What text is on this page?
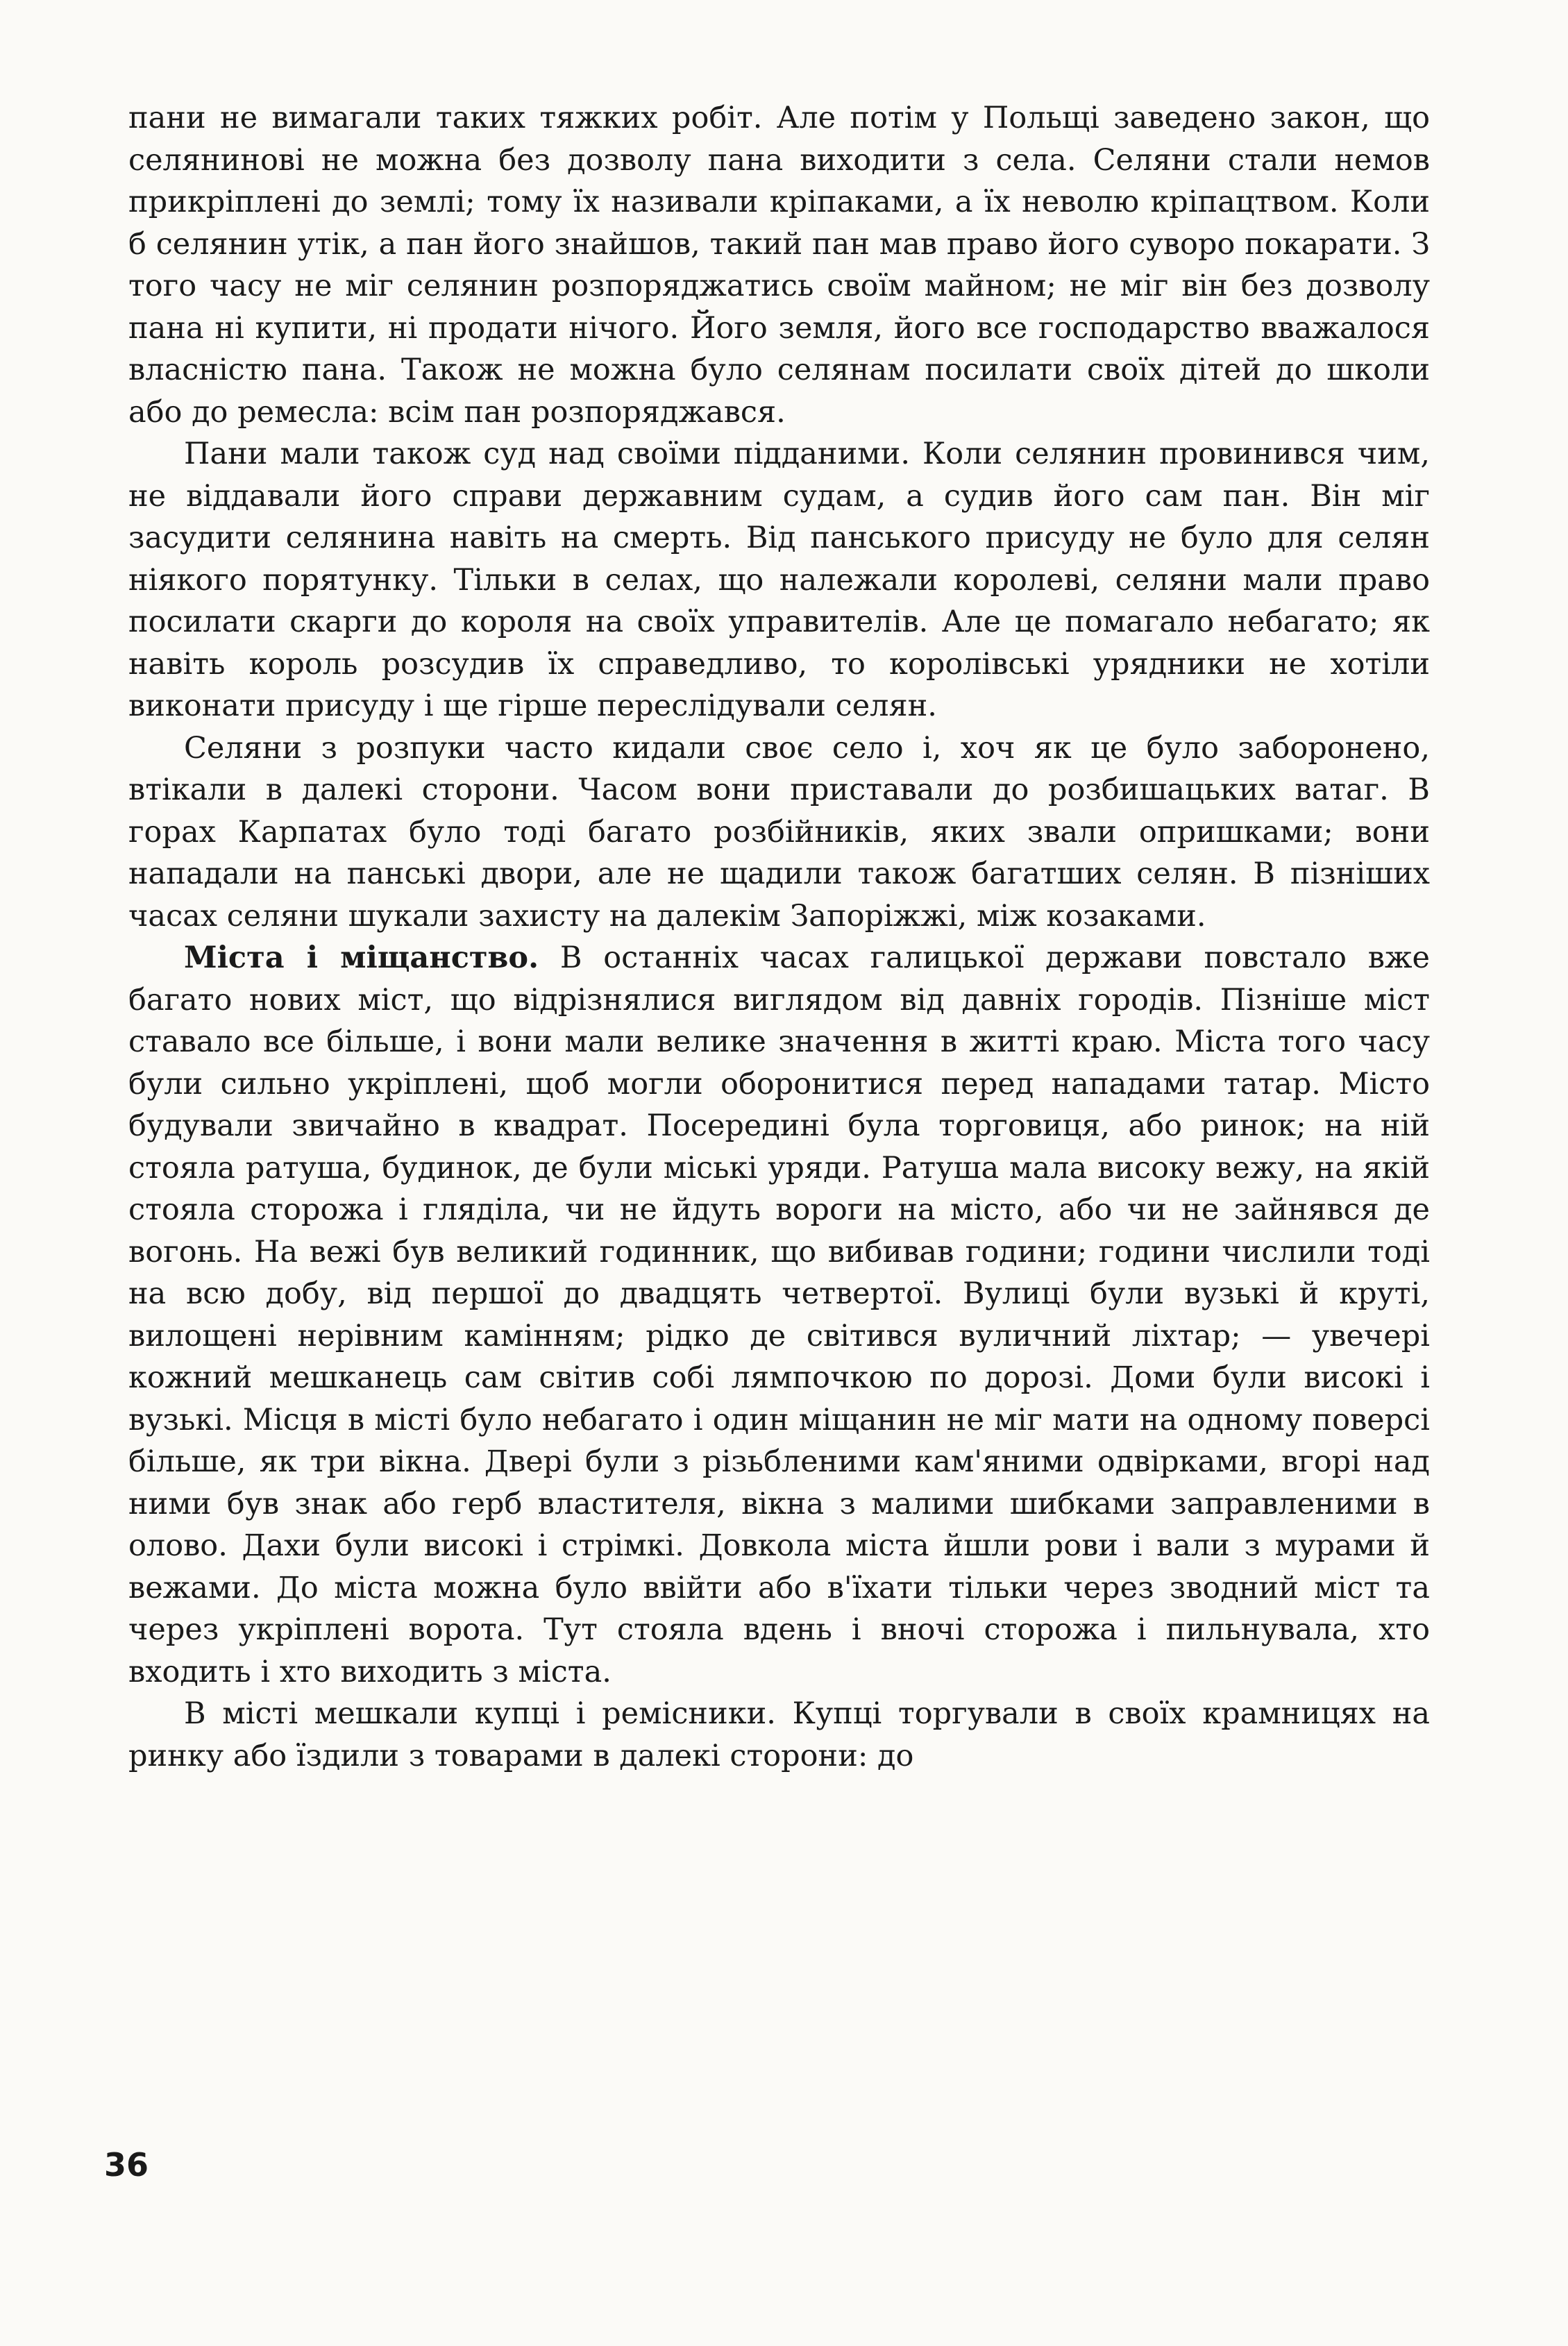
пани не вимагали таких тяжких робіт. Але потім у Польщі заведено закон, що селянинові не можна без дозволу пана виходити з села. Селяни стали немов прикріплені до землі; тому їх називали кріпаками, а їх неволю кріпацтвом. Коли б селянин утік, а пан його знайшов, такий пан мав право його суворо покарати. З того часу не міг селянин розпоряджатись своїм майном; не міг він без дозволу пана ні купити, ні продати нічого. Його земля, його все господарство вважалося власністю пана. Також не можна було селянам посилати своїх дітей до школи або до ремесла: всім пан розпоряджався.

Пани мали також суд над своїми підданими. Коли селянин провинився чим, не віддавали його справи державним судам, а судив його сам пан. Він міг засудити селянина навіть на смерть. Від панського присуду не було для селян ніякого порятунку. Тільки в селах, що належали королеві, селяни мали право посилати скарги до короля на своїх управителів. Але це помагало небагато; як навіть король розсудив їх справедливо, то королівські урядники не хотіли виконати присуду і ще гірше переслідували селян.

Селяни з розпуки часто кидали своє село і, хоч як це було заборонено, втікали в далекі сторони. Часом вони приставали до розбишацьких ватаг. В горах Карпатах було тоді багато розбійників, яких звали опришками; вони нападали на панські двори, але не щадили також багатших селян. В пізніших часах селяни шукали захисту на далекім Запоріжжі, між козаками.

Міста і міщанство. В останніх часах галицької держави повстало вже багато нових міст, що відрізнялися виглядом від давніх городів. Пізніше міст ставало все більше, і вони мали велике значення в житті краю. Міста того часу були сильно укріплені, щоб могли оборонитися перед нападами татар. Місто будували звичайно в квадрат. Посередині була торговиця, або ринок; на ній стояла ратуша, будинок, де були міські уряди. Ратуша мала високу вежу, на якій стояла сторожа і гляділа, чи не йдуть вороги на місто, або чи не зайнявся де вогонь. На вежі був великий годинник, що вибивав години; години числили тоді на всю добу, від першої до двадцять четвертої. Вулиці були вузькі й круті, вилощені нерівним камінням; рідко де світився вуличний ліхтар; — увечері кожний мешканець сам світив собі лямпочкою по дорозі. Доми були високі і вузькі. Місця в місті було небагато і один міщанин не міг мати на одному поверсі більше, як три вікна. Двері були з різьбленими кам'яними одвірками, вгорі над ними був знак або герб властителя, вікна з малими шибками заправленими в олово. Дахи були високі і стрімкі. Довкола міста йшли рови і вали з мурами й вежами. До міста можна було ввійти або в'їхати тільки через зводний міст та через укріплені ворота. Тут стояла вдень і вночі сторожа і пильнувала, хто входить і хто виходить з міста.

В місті мешкали купці і ремісники. Купці торгували в своїх крамницях на ринку або їздили з товарами в далекі сторони: до

36
